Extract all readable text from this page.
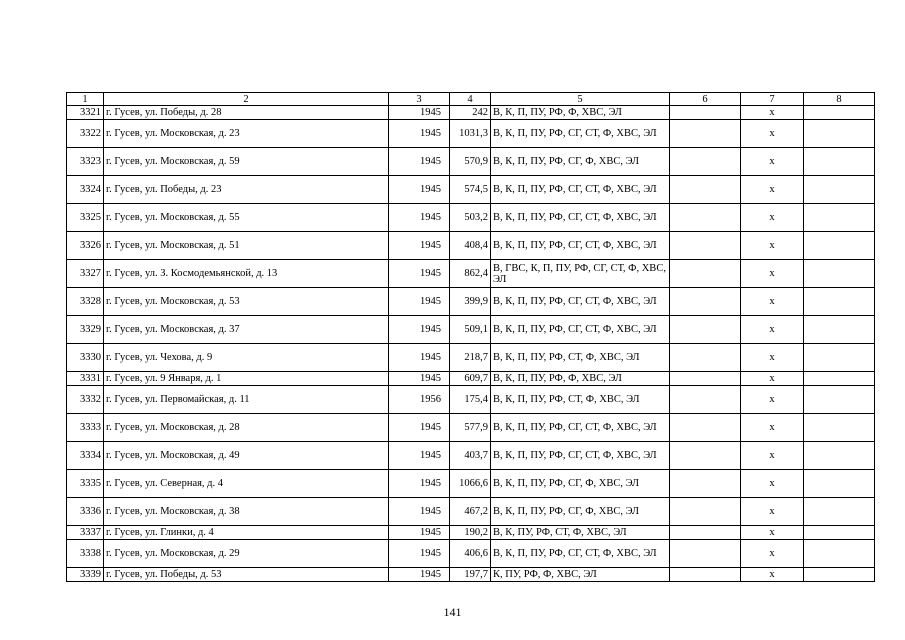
1	2	3	4	5	6	7	8
3321	г. Гусев, ул. Победы, д. 28	1945	242	В, К, П, ПУ, РФ, Ф, ХВС, ЭЛ		х	
3322	г. Гусев, ул. Московская, д. 23	1945	1031,3	В, К, П, ПУ, РФ, СГ, СТ, Ф, ХВС, ЭЛ		х	
3323	г. Гусев, ул. Московская, д. 59	1945	570,9	В, К, П, ПУ, РФ, СГ, Ф, ХВС, ЭЛ		х	
3324	г. Гусев, ул. Победы, д. 23	1945	574,5	В, К, П, ПУ, РФ, СГ, СТ, Ф, ХВС, ЭЛ		х	
3325	г. Гусев, ул. Московская, д. 55	1945	503,2	В, К, П, ПУ, РФ, СГ, СТ, Ф, ХВС, ЭЛ		х	
3326	г. Гусев, ул. Московская, д. 51	1945	408,4	В, К, П, ПУ, РФ, СГ, СТ, Ф, ХВС, ЭЛ		х	
3327	г. Гусев, ул. З. Космодемьянской, д. 13	1945	862,4	В, ГВС, К, П, ПУ, РФ, СГ, СТ, Ф, ХВС, ЭЛ		х	
3328	г. Гусев, ул. Московская, д. 53	1945	399,9	В, К, П, ПУ, РФ, СГ, СТ, Ф, ХВС, ЭЛ		х	
3329	г. Гусев, ул. Московская, д. 37	1945	509,1	В, К, П, ПУ, РФ, СГ, СТ, Ф, ХВС, ЭЛ		х	
3330	г. Гусев, ул. Чехова, д. 9	1945	218,7	В, К, П, ПУ, РФ, СТ, Ф, ХВС, ЭЛ		х	
3331	г. Гусев, ул. 9 Января, д. 1	1945	609,7	В, К, П, ПУ, РФ, Ф, ХВС, ЭЛ		х	
3332	г. Гусев, ул. Первомайская, д. 11	1956	175,4	В, К, П, ПУ, РФ, СТ, Ф, ХВС, ЭЛ		х	
3333	г. Гусев, ул. Московская, д. 28	1945	577,9	В, К, П, ПУ, РФ, СГ, СТ, Ф, ХВС, ЭЛ		х	
3334	г. Гусев, ул. Московская, д. 49	1945	403,7	В, К, П, ПУ, РФ, СГ, СТ, Ф, ХВС, ЭЛ		х	
3335	г. Гусев, ул. Северная, д. 4	1945	1066,6	В, К, П, ПУ, РФ, СГ, Ф, ХВС, ЭЛ		х	
3336	г. Гусев, ул. Московская, д. 38	1945	467,2	В, К, П, ПУ, РФ, СГ, Ф, ХВС, ЭЛ		х	
3337	г. Гусев, ул. Глинки, д. 4	1945	190,2	В, К, ПУ, РФ, СТ, Ф, ХВС, ЭЛ		х	
3338	г. Гусев, ул. Московская, д. 29	1945	406,6	В, К, П, ПУ, РФ, СГ, СТ, Ф, ХВС, ЭЛ		х	
3339	г. Гусев, ул. Победы, д. 53	1945	197,7	К, ПУ, РФ, Ф, ХВС, ЭЛ		х	
141
